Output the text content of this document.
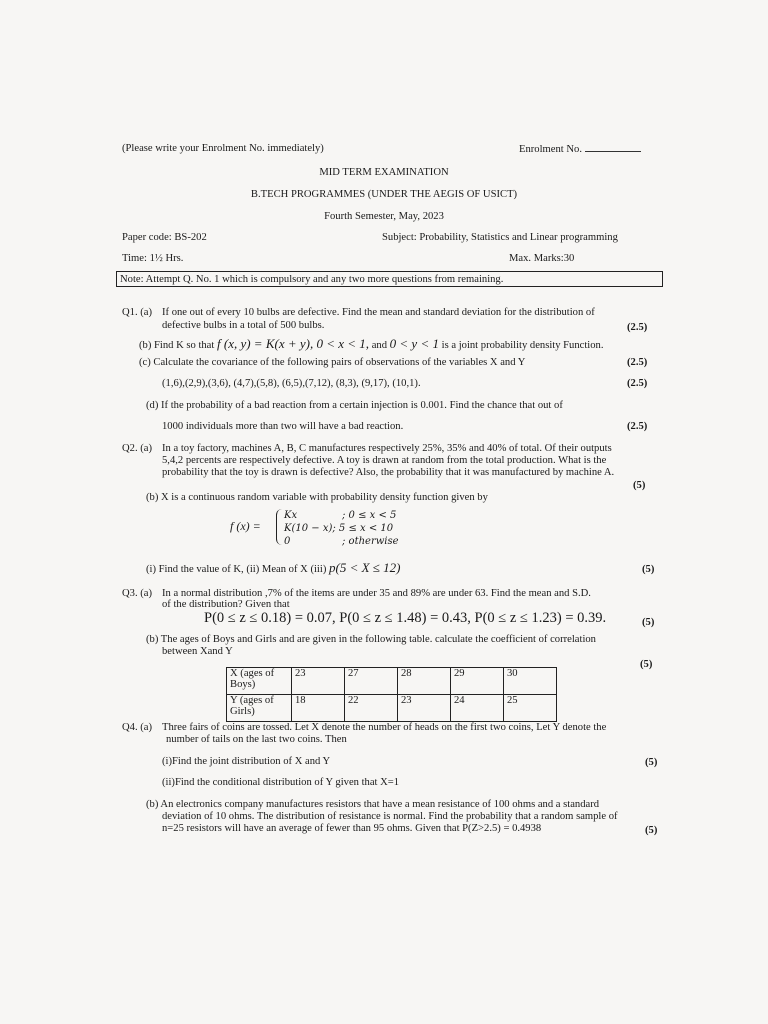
(Please write your Enrolment No. immediately)	Enrolment No.
MID TERM EXAMINATION
B.TECH PROGRAMMES (UNDER THE AEGIS OF USICT)
Fourth Semester, May, 2023
Paper code: BS-202	Subject: Probability, Statistics and Linear programming
Time: 1½ Hrs.	Max. Marks:30
Note: Attempt Q. No. 1 which is compulsory and any two more questions from remaining.
Q1. (a) If one out of every 10 bulbs are defective. Find the mean and standard deviation for the distribution of
defective bulbs in a total of 500 bulbs.	(2.5)
(b) Find K so that f (x, y) = K(x + y), 0 < x < 1, and 0 < y < 1 is a joint probability density Function.
(c) Calculate the covariance of the following pairs of observations of the variables X and Y	(2.5)
(1,6),(2,9),(3,6), (4,7),(5,8), (6,5),(7,12), (8,3), (9,17), (10,1).	(2.5)
(d) If the probability of a bad reaction from a certain injection is 0.001. Find the chance that out of
1000 individuals more than two will have a bad reaction.	(2.5)
Q2. (a) In a toy factory, machines A, B, C manufactures respectively 25%, 35% and 40% of total. Of their outputs
5,4,2 percents are respectively defective. A toy is drawn at random from the total production. What is the
probability that the toy is drawn is defective? Also, the probability that it was manufactured by machine A.
(5)
(b) X is a continuous random variable with probability density function given by
f (x) =
Kx	; 0 ≤ x < 5
K(10 − x); 5 ≤ x < 10
0	; otherwise
(i) Find the value of K, (ii) Mean of X (iii) p(5 < X ≤ 12)	(5)
Q3. (a) In a normal distribution ,7% of the items are under 35 and 89% are under 63. Find the mean and S.D.
of the distribution? Given that
P(0 ≤ z ≤ 0.18) = 0.07, P(0 ≤ z ≤ 1.48) = 0.43, P(0 ≤ z ≤ 1.23) = 0.39.	(5)
(b) The ages of Boys and Girls and are given in the following table. calculate the coefficient of correlation
between Xand Y
(5)
X (ages of Boys)	23	27	28	29	30
Y (ages of Girls)	18	22	23	24	25
Q4. (a) Three fairs of coins are tossed. Let X denote the number of heads on the first two coins, Let Y denote the
number of tails on the last two coins. Then
(i)Find the joint distribution of X and Y	(5)
(ii)Find the conditional distribution of Y given that X=1
(b) An electronics company manufactures resistors that have a mean resistance of 100 ohms and a standard
deviation of 10 ohms. The distribution of resistance is normal. Find the probability that a random sample of
n=25 resistors will have an average of fewer than 95 ohms. Given that P(Z>2.5) = 0.4938	(5)
